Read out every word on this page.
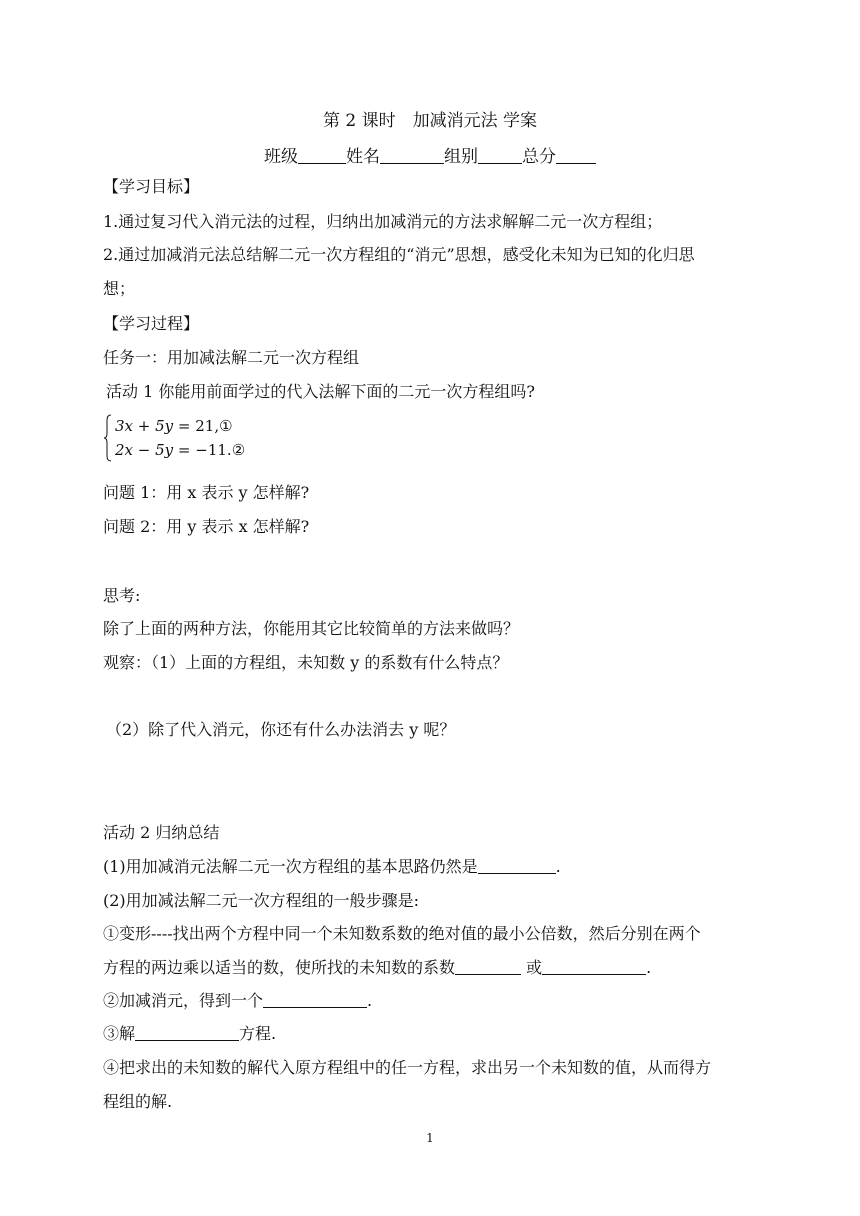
第 2 课时　加减消元法 学案
班级	姓名	组别	总分
【学习目标】
1.通过复习代入消元法的过程，归纳出加减消元的方法求解解二元一次方程组；
2.通过加减消元法总结解二元一次方程组的“消元”思想，感受化未知为已知的化归思
想；
【学习过程】
任务一：用加减法解二元一次方程组
活动 1 你能用前面学过的代入法解下面的二元一次方程组吗?
3x + 5y = 21,①
2x − 5y = −11.②
问题 1：用 x 表示 y 怎样解?
问题 2：用 y 表示 x 怎样解?
思考:
除了上面的两种方法，你能用其它比较简单的方法来做吗？
观察：（1）上面的方程组，未知数 y 的系数有什么特点？
（2）除了代入消元，你还有什么办法消去 y 呢？
活动 2 归纳总结
(1)用加减消元法解二元一次方程组的基本思路仍然是	.
(2)用加减法解二元一次方程组的一般步骤是:
①变形----找出两个方程中同一个未知数系数的绝对值的最小公倍数，然后分别在两个
方程的两边乘以适当的数，使所找的未知数的系数	或	.
②加减消元，得到一个	.
③解	方程.
④把求出的未知数的解代入原方程组中的任一方程，求出另一个未知数的值，从而得方
程组的解.
1
